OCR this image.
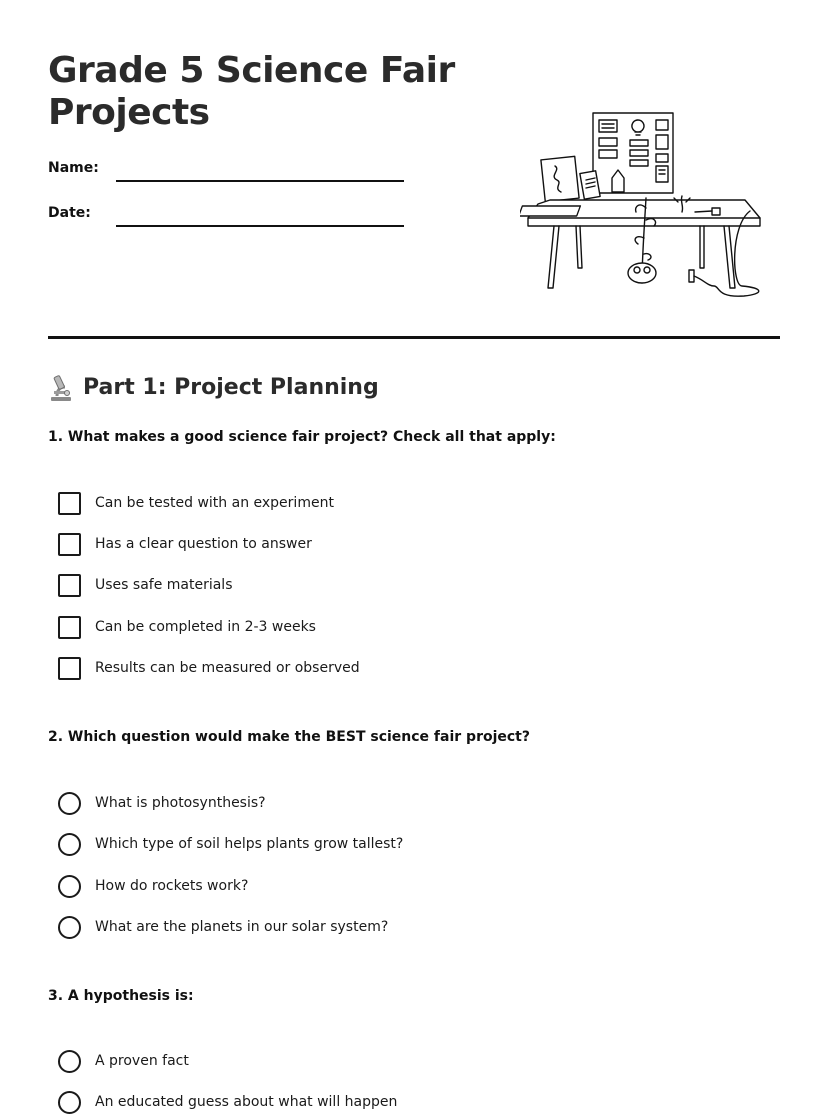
Grade 5 Science Fair Projects
Name:
Date:
Part 1: Project Planning
1. What makes a good science fair project? Check all that apply:
Can be tested with an experiment
Has a clear question to answer
Uses safe materials
Can be completed in 2-3 weeks
Results can be measured or observed
2. Which question would make the BEST science fair project?
What is photosynthesis?
Which type of soil helps plants grow tallest?
How do rockets work?
What are the planets in our solar system?
3. A hypothesis is:
A proven fact
An educated guess about what will happen
